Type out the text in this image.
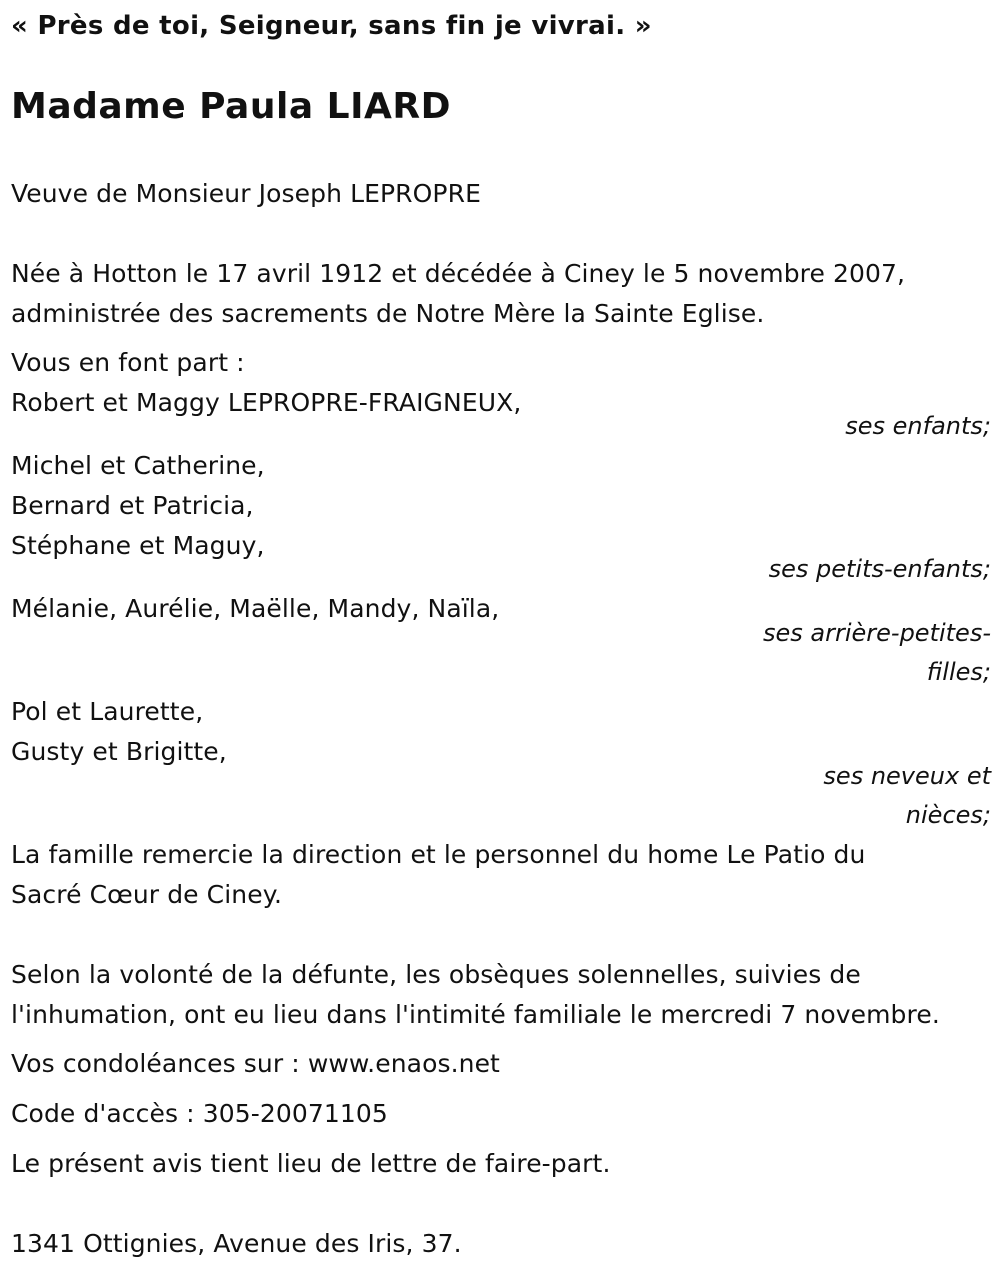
« Près de toi, Seigneur, sans fin je vivrai. »
Madame Paula LIARD
Veuve de Monsieur Joseph LEPROPRE
Née à Hotton le 17 avril 1912 et décédée à Ciney le 5 novembre 2007,
administrée des sacrements de Notre Mère la Sainte Eglise.
Vous en font part :
Robert et Maggy LEPROPRE-FRAIGNEUX,
ses enfants;
Michel et Catherine,
Bernard et Patricia,
Stéphane et Maguy,
ses petits-enfants;
Mélanie, Aurélie, Maëlle, Mandy, Naïla,
ses arrière-petites-
filles;
Pol et Laurette,
Gusty et Brigitte,
ses neveux et
nièces;
La famille remercie la direction et le personnel du home Le Patio du
Sacré Cœur de Ciney.
Selon la volonté de la défunte, les obsèques solennelles, suivies de
l'inhumation, ont eu lieu dans l'intimité familiale le mercredi 7 novembre.
Vos condoléances sur : www.enaos.net
Code d'accès : 305-20071105
Le présent avis tient lieu de lettre de faire-part.
1341 Ottignies, Avenue des Iris, 37.
